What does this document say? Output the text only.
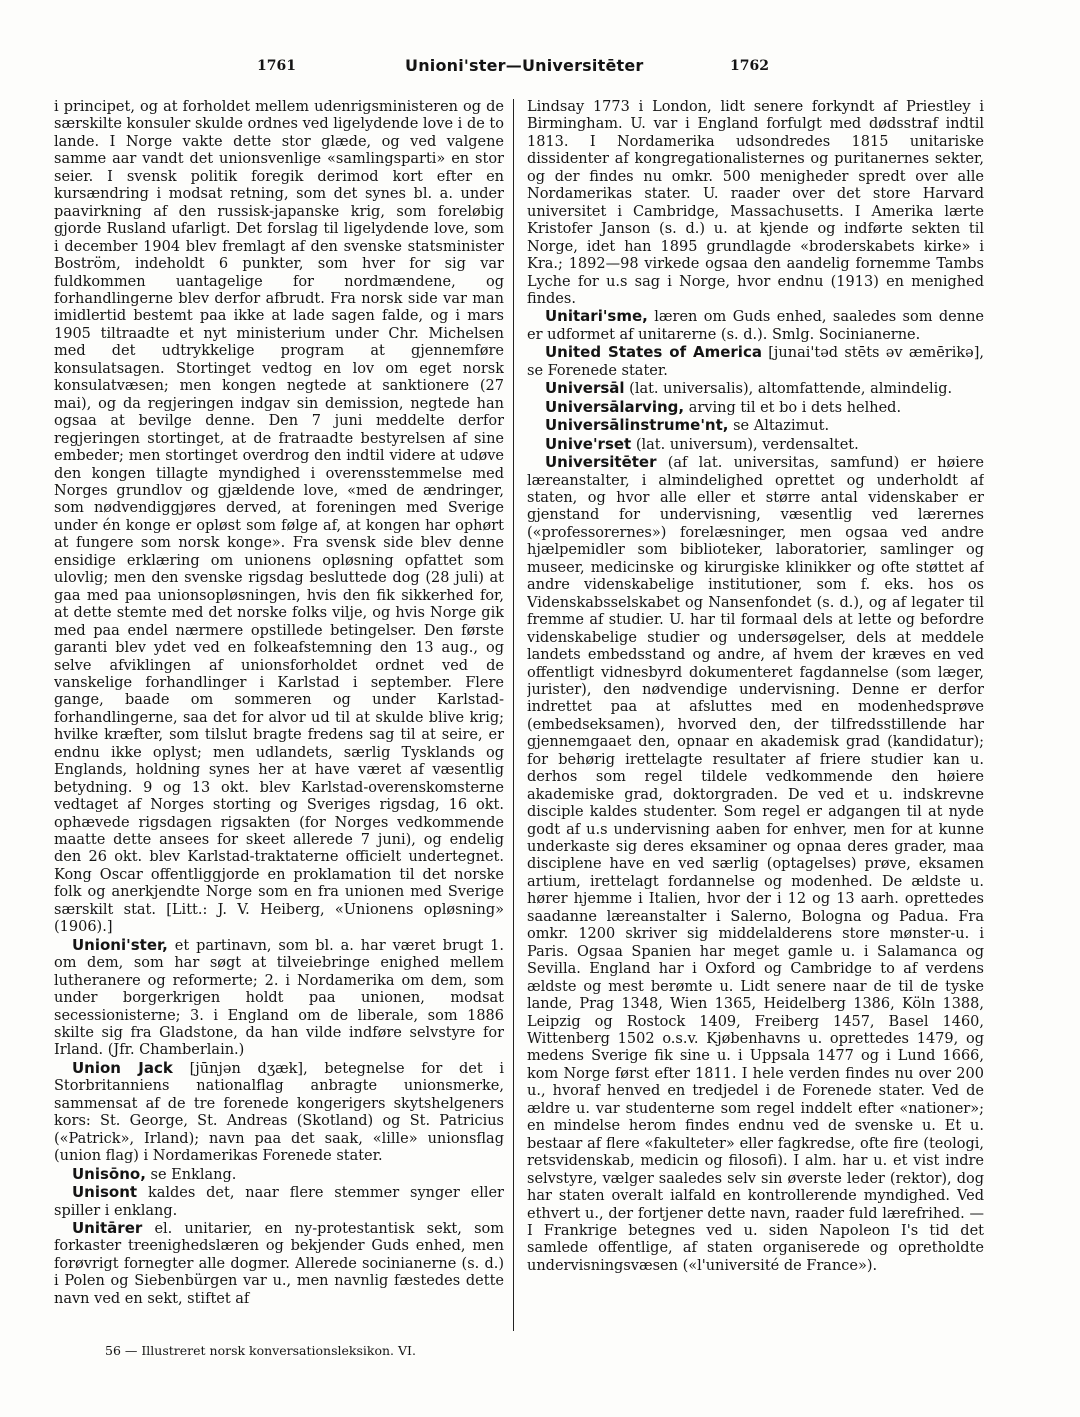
1761	Unioni'ster—Universitēter	1762

i principet, og at forholdet mellem udenrigsministeren og de særskilte konsuler skulde ordnes ved ligelydende love i de to lande. I Norge vakte dette stor glæde, og ved valgene samme aar vandt det unionsvenlige «samlingsparti» en stor seier. I svensk politik foregik derimod kort efter en kursændring i modsat retning, som det synes bl. a. under paavirkning af den russisk-japanske krig, som foreløbig gjorde Rusland ufarligt. Det forslag til ligelydende love, som i december 1904 blev fremlagt af den svenske statsminister Boström, indeholdt 6 punkter, som hver for sig var fuldkommen uantagelige for nordmændene, og forhandlingerne blev derfor afbrudt. Fra norsk side var man imidlertid bestemt paa ikke at lade sagen falde, og i mars 1905 tiltraadte et nyt ministerium under Chr. Michelsen med det udtrykkelige program at gjennemføre konsulatsagen. Stortinget vedtog en lov om eget norsk konsulatvæsen; men kongen negtede at sanktionere (27 mai), og da regjeringen indgav sin demission, negtede han ogsaa at bevilge denne. Den 7 juni meddelte derfor regjeringen stortinget, at de fratraadte bestyrelsen af sine embeder; men stortinget overdrog den indtil videre at udøve den kongen tillagte myndighed i overensstemmelse med Norges grundlov og gjældende love, «med de ændringer, som nødvendiggjøres derved, at foreningen med Sverige under én konge er opløst som følge af, at kongen har ophørt at fungere som norsk konge». Fra svensk side blev denne ensidige erklæring om unionens opløsning opfattet som ulovlig; men den svenske rigsdag besluttede dog (28 juli) at gaa med paa unionsopløsningen, hvis den fik sikkerhed for, at dette stemte med det norske folks vilje, og hvis Norge gik med paa endel nærmere opstillede betingelser. Den første garanti blev ydet ved en folkeafstemning den 13 aug., og selve afviklingen af unionsforholdet ordnet ved de vanskelige forhandlinger i Karlstad i september. Flere gange, baade om sommeren og under Karlstad-forhandlingerne, saa det for alvor ud til at skulde blive krig; hvilke kræfter, som tilslut bragte fredens sag til at seire, er endnu ikke oplyst; men udlandets, særlig Tysklands og Englands, holdning synes her at have været af væsentlig betydning. 9 og 13 okt. blev Karlstad-overenskomsterne vedtaget af Norges storting og Sveriges rigsdag, 16 okt. ophævede rigsdagen rigsakten (for Norges vedkommende maatte dette ansees for skeet allerede 7 juni), og endelig den 26 okt. blev Karlstad-traktaterne officielt undertegnet. Kong Oscar offentliggjorde en proklamation til det norske folk og anerkjendte Norge som en fra unionen med Sverige særskilt stat. [Litt.: J. V. Heiberg, «Unionens opløsning» (1906).]

Unioni'ster, et partinavn, som bl. a. har været brugt 1. om dem, som har søgt at tilveiebringe enighed mellem lutheranere og reformerte; 2. i Nordamerika om dem, som under borgerkrigen holdt paa unionen, modsat secessionisterne; 3. i England om de liberale, som 1886 skilte sig fra Gladstone, da han vilde indføre selvstyre for Irland. (Jfr. Chamberlain.)

Union Jack [jūnjən dʒæk], betegnelse for det i Storbritanniens nationalflag anbragte unionsmerke, sammensat af de tre forenede kongerigers skytshelgeners kors: St. George, St. Andreas (Skotland) og St. Patricius («Patrick», Irland); navn paa det saak, «lille» unionsflag (union flag) i Nordamerikas Forenede stater.

Unisōno, se Enklang.

Unisont kaldes det, naar flere stemmer synger eller spiller i enklang.

Unitārer el. unitarier, en ny-protestantisk sekt, som forkaster treenighedslæren og bekjender Guds enhed, men forøvrigt fornegter alle dogmer. Allerede socinianerne (s. d.) i Polen og Siebenbürgen var u., men navnlig fæstedes dette navn ved en sekt, stiftet af

Lindsay 1773 i London, lidt senere forkyndt af Priestley i Birmingham. U. var i England forfulgt med dødsstraf indtil 1813. I Nordamerika udsondredes 1815 unitariske dissidenter af kongregationalisternes og puritanernes sekter, og der findes nu omkr. 500 menigheder spredt over alle Nordamerikas stater. U. raader over det store Harvard universitet i Cambridge, Massachusetts. I Amerika lærte Kristofer Janson (s. d.) u. at kjende og indførte sekten til Norge, idet han 1895 grundlagde «broderskabets kirke» i Kra.; 1892—98 virkede ogsaa den aandelig fornemme Tambs Lyche for u.s sag i Norge, hvor endnu (1913) en menighed findes.

Unitari'sme, læren om Guds enhed, saaledes som denne er udformet af unitarerne (s. d.). Smlg. Socinianerne.

United States of America [junai'təd stēts əv æmērikə], se Forenede stater.

Universāl (lat. universalis), altomfattende, almindelig.

Universālarving, arving til et bo i dets helhed.

Universālinstrume'nt, se Altazimut.

Unive'rset (lat. universum), verdensaltet.

Universitēter (af lat. universitas, samfund) er høiere læreanstalter, i almindelighed oprettet og underholdt af staten, og hvor alle eller et større antal videnskaber er gjenstand for undervisning, væsentlig ved lærernes («professorernes») forelæsninger, men ogsaa ved andre hjælpemidler som biblioteker, laboratorier, samlinger og museer, medicinske og kirurgiske klinikker og ofte støttet af andre videnskabelige institutioner, som f. eks. hos os Videnskabsselskabet og Nansenfondet (s. d.), og af legater til fremme af studier. U. har til formaal dels at lette og befordre videnskabelige studier og undersøgelser, dels at meddele landets embedsstand og andre, af hvem der kræves en ved offentligt vidnesbyrd dokumenteret fagdannelse (som læger, jurister), den nødvendige undervisning. Denne er derfor indrettet paa at afsluttes med en modenhedsprøve (embedseksamen), hvorved den, der tilfredsstillende har gjennemgaaet den, opnaar en akademisk grad (kandidatur); for behørig irettelagte resultater af friere studier kan u. derhos som regel tildele vedkommende den høiere akademiske grad, doktorgraden. De ved et u. indskrevne disciple kaldes studenter. Som regel er adgangen til at nyde godt af u.s undervisning aaben for enhver, men for at kunne underkaste sig deres eksaminer og opnaa deres grader, maa disciplene have en ved særlig (optagelses) prøve, eksamen artium, irettelagt fordannelse og modenhed. De ældste u. hører hjemme i Italien, hvor der i 12 og 13 aarh. oprettedes saadanne læreanstalter i Salerno, Bologna og Padua. Fra omkr. 1200 skriver sig middelalderens store mønster-u. i Paris. Ogsaa Spanien har meget gamle u. i Salamanca og Sevilla. England har i Oxford og Cambridge to af verdens ældste og mest berømte u. Lidt senere naar de til de tyske lande, Prag 1348, Wien 1365, Heidelberg 1386, Köln 1388, Leipzig og Rostock 1409, Freiberg 1457, Basel 1460, Wittenberg 1502 o.s.v. Kjøbenhavns u. oprettedes 1479, og medens Sverige fik sine u. i Uppsala 1477 og i Lund 1666, kom Norge først efter 1811. I hele verden findes nu over 200 u., hvoraf henved en tredjedel i de Forenede stater. Ved de ældre u. var studenterne som regel inddelt efter «nationer»; en mindelse herom findes endnu ved de svenske u. Et u. bestaar af flere «fakulteter» eller fagkredse, ofte fire (teologi, retsvidenskab, medicin og filosofi). I alm. har u. et vist indre selvstyre, vælger saaledes selv sin øverste leder (rektor), dog har staten overalt ialfald en kontrollerende myndighed. Ved ethvert u., der fortjener dette navn, raader fuld lærefrihed. — I Frankrige betegnes ved u. siden Napoleon I's tid det samlede offentlige, af staten organiserede og opretholdte undervisningsvæsen («l'université de France»).

56 — Illustreret norsk konversationsleksikon. VI.
